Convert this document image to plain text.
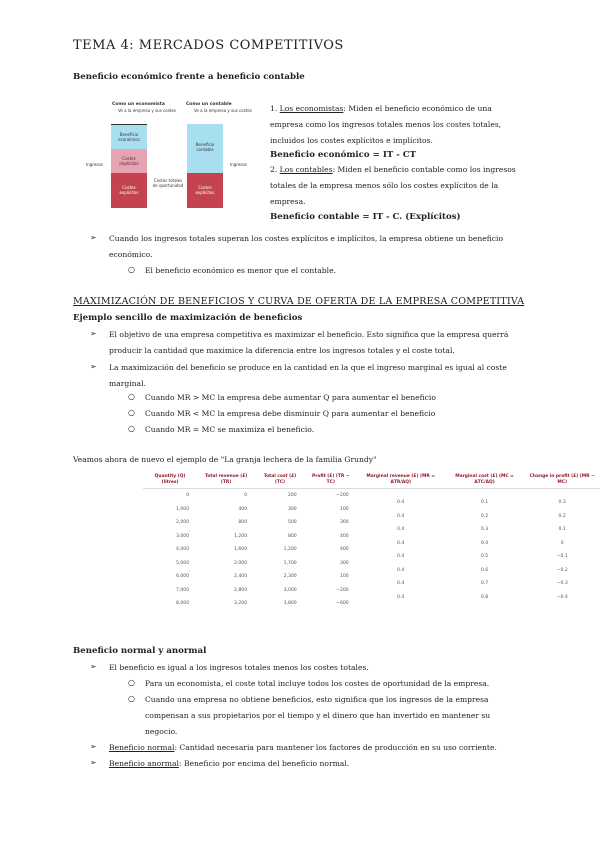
TEMA 4: MERCADOS COMPETITIVOS
Beneficio económico frente a beneficio contable
Como un economista
Ve a la empresa y sus costes
Como un contable
Ve a la empresa y sus costes
Beneficio económico
Costes implícitos
Costes explícitos
Costes totales de oportunidad
Ingresos
Beneficio contable
Costes explícitos
Ingresos
1. Los economistas: Miden el beneficio económico de una
empresa como los ingresos totales menos los costes totales,
incluidos los costes explícitos e implícitos.
Beneficio económico = IT - CT
2. Los contables: Miden el beneficio contable como los ingresos
totales de la empresa menos sólo los costes explícitos de la
empresa.
Beneficio contable = IT - C. (Explícitos)
➢ Cuando los ingresos totales superan los costes explícitos e implícitos, la empresa obtiene un beneficio
económico.
○ El beneficio económico es menor que el contable.
MAXIMIZACIÓN DE BENEFICIOS Y CURVA DE OFERTA DE LA EMPRESA COMPETITIVA
Ejemplo sencillo de maximización de beneficios
➢ El objetivo de una empresa competitiva es maximizar el beneficio. Esto significa que la empresa querrá
producir la cantidad que maximice la diferencia entre los ingresos totales y el coste total.
➢ La maximización del beneficio se produce en la cantidad en la que el ingreso marginal es igual al coste
marginal.
○ Cuando MR > MC la empresa debe aumentar Q para aumentar el beneficio
○ Cuando MR < MC la empresa debe disminuir Q para aumentar el beneficio
○ Cuando MR = MC se maximiza el beneficio.
Veamos ahora de nuevo el ejemplo de "La granja lechera de la familia Grundy"
Quantity (Q) (litres)	Total revenue (£) (TR)	Total cost (£) (TC)	Profit (£) (TR − TC)	Marginal revenue (£) (MR = ΔTR/ΔQ)	Marginal cost (£) (MC = ΔTC/ΔQ)	Change in profit (£) (MR − MC)
0	0	200	−200	0.4	0.1	0.3
1,000	400	300	100	0.4	0.2	0.2
2,000	800	500	300	0.4	0.3	0.1
3,000	1,200	800	400	0.4	0.4	0
4,000	1,600	1,200	400	0.4	0.5	−0.1
5,000	2,000	1,700	300	0.4	0.6	−0.2
6,000	2,400	2,300	100	0.4	0.7	−0.3
7,000	2,800	3,000	−200	0.4	0.8	−0.4
8,000	3,200	3,800	−600			
Beneficio normal y anormal
➢ El beneficio es igual a los ingresos totales menos los costes totales.
○ Para un economista, el coste total incluye todos los costes de oportunidad de la empresa.
○ Cuando una empresa no obtiene beneficios, esto significa que los ingresos de la empresa
compensan a sus propietarios por el tiempo y el dinero que han invertido en mantener su
negocio.
➢ Beneficio normal: Cantidad necesaria para mantener los factores de producción en su uso corriente.
➢ Beneficio anormal: Beneficio por encima del beneficio normal.
